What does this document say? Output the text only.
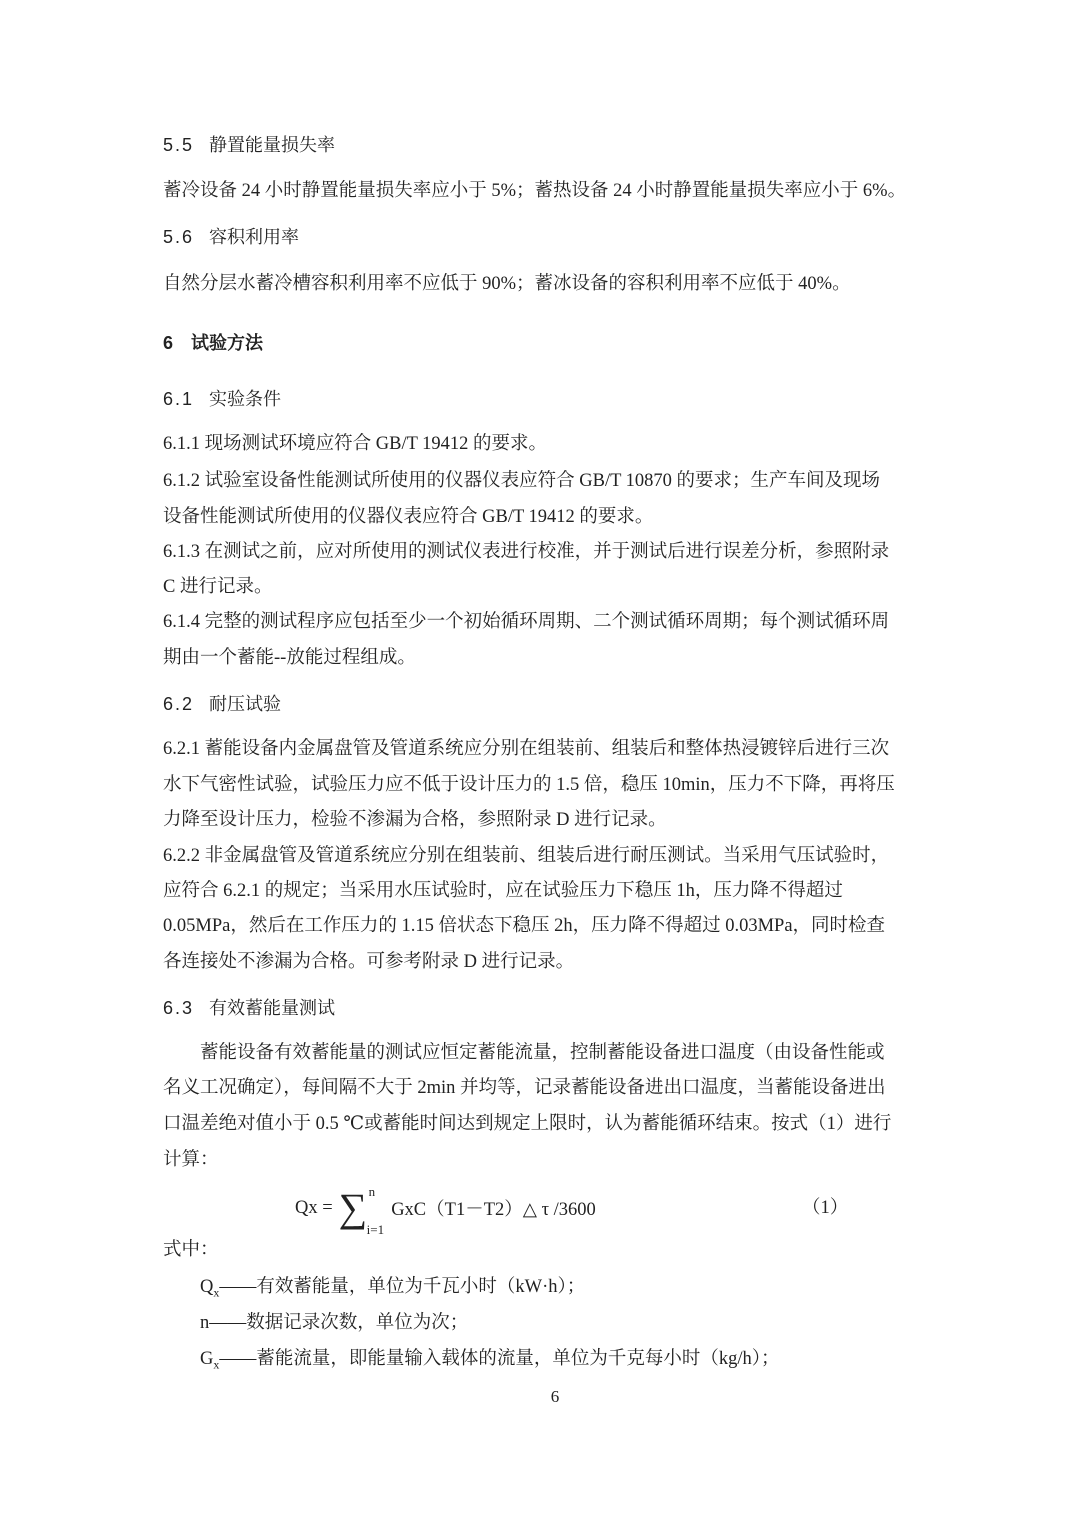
5.5 静置能量损失率
蓄冷设备 24 小时静置能量损失率应小于 5%；蓄热设备 24 小时静置能量损失率应小于 6%。
5.6 容积利用率
自然分层水蓄冷槽容积利用率不应低于 90%；蓄冰设备的容积利用率不应低于 40%。
6 试验方法
6.1 实验条件
6.1.1 现场测试环境应符合 GB/T 19412 的要求。
6.1.2 试验室设备性能测试所使用的仪器仪表应符合 GB/T 10870 的要求；生产车间及现场
设备性能测试所使用的仪器仪表应符合 GB/T 19412 的要求。
6.1.3 在测试之前，应对所使用的测试仪表进行校准，并于测试后进行误差分析，参照附录
C 进行记录。
6.1.4 完整的测试程序应包括至少一个初始循环周期、二个测试循环周期；每个测试循环周
期由一个蓄能--放能过程组成。
6.2 耐压试验
6.2.1 蓄能设备内金属盘管及管道系统应分别在组装前、组装后和整体热浸镀锌后进行三次
水下气密性试验，试验压力应不低于设计压力的 1.5 倍，稳压 10min，压力不下降，再将压
力降至设计压力，检验不渗漏为合格，参照附录 D 进行记录。
6.2.2 非金属盘管及管道系统应分别在组装前、组装后进行耐压测试。当采用气压试验时，
应符合 6.2.1 的规定；当采用水压试验时，应在试验压力下稳压 1h，压力降不得超过
0.05MPa，然后在工作压力的 1.15 倍状态下稳压 2h，压力降不得超过 0.03MPa，同时检查
各连接处不渗漏为合格。可参考附录 D 进行记录。
6.3 有效蓄能量测试
蓄能设备有效蓄能量的测试应恒定蓄能流量，控制蓄能设备进口温度（由设备性能或
名义工况确定），每间隔不大于 2min 并均等，记录蓄能设备进出口温度，当蓄能设备进出
口温差绝对值小于 0.5 ℃或蓄能时间达到规定上限时，认为蓄能循环结束。按式（1）进行
计算：
Qx = ∑ n
i=1
GxC（T1－T2）△ τ /3600	（1）
式中：
$Q_x——$有效蓄能量，单位为千瓦小时（kW·h）；
n——数据记录次数，单位为次；
$G_x——$蓄能流量，即能量输入载体的流量，单位为千克每小时（kg/h）；
6
